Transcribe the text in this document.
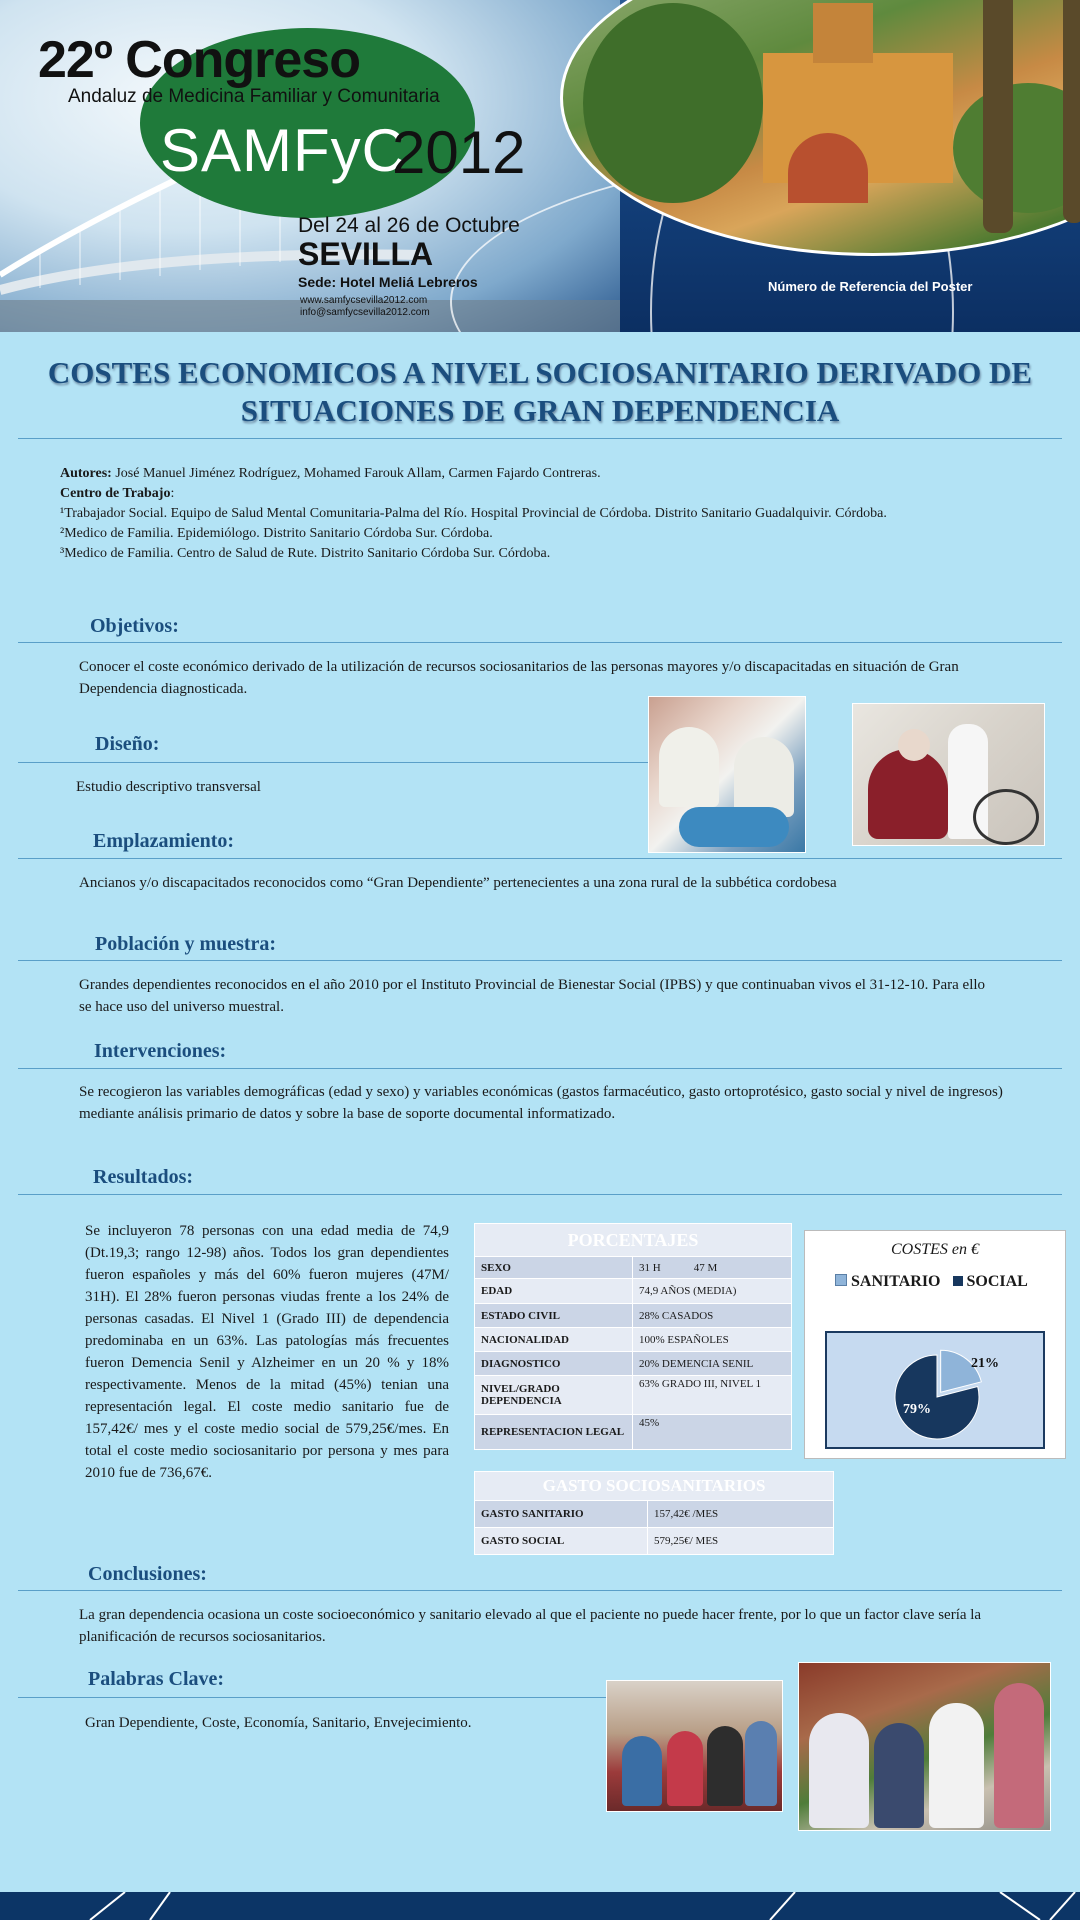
22º Congreso
Andaluz de Medicina Familiar y Comunitaria
SAMFyC
2012
Del 24 al 26 de Octubre
SEVILLA
Sede: Hotel Meliá Lebreros
www.samfycsevilla2012.com
info@samfycsevilla2012.com
Número de Referencia del Poster
COSTES ECONOMICOS A NIVEL SOCIOSANITARIO DERIVADO DE SITUACIONES DE GRAN DEPENDENCIA
Autores: José Manuel Jiménez Rodríguez, Mohamed Farouk Allam, Carmen Fajardo Contreras.
Centro de Trabajo:
¹Trabajador Social. Equipo de Salud Mental Comunitaria-Palma del Río. Hospital Provincial de Córdoba. Distrito Sanitario Guadalquivir. Córdoba.
²Medico de Familia. Epidemiólogo. Distrito Sanitario Córdoba Sur. Córdoba.
³Medico de Familia. Centro de Salud de Rute. Distrito Sanitario Córdoba Sur. Córdoba.
Objetivos:
Conocer el coste económico derivado de la utilización de recursos sociosanitarios de las personas mayores y/o discapacitadas en situación de Gran Dependencia diagnosticada.
Diseño:
Estudio descriptivo transversal
Emplazamiento:
Ancianos y/o discapacitados reconocidos como “Gran Dependiente” pertenecientes a una zona rural de la subbética cordobesa
Población y muestra:
Grandes dependientes reconocidos en el año 2010 por el Instituto Provincial de Bienestar Social (IPBS) y que continuaban vivos el 31-12-10. Para ello se hace uso del universo muestral.
Intervenciones:
Se recogieron las variables demográficas (edad y sexo) y variables económicas (gastos farmacéutico, gasto ortoprotésico, gasto social y nivel de ingresos) mediante análisis primario de datos y sobre la base de soporte documental informatizado.
Resultados:
Se incluyeron 78 personas con una edad media de 74,9 (Dt.19,3; rango 12-98) años. Todos los gran dependientes fueron españoles y más del 60% fueron mujeres (47M/ 31H). El 28% fueron personas viudas frente a los 24% de personas casadas. El Nivel 1 (Grado III) de dependencia predominaba en un 63%. Las patologías más frecuentes fueron Demencia Senil y Alzheimer en un 20 % y 18% respectivamente. Menos de la mitad (45%) tenian una representación legal. El coste medio sanitario fue de 157,42€/ mes y el coste medio social de 579,25€/mes. En total el coste medio sociosanitario por persona y mes para 2010 fue de 736,67€.
PORCENTAJES	
SEXO	31 H            47 M
EDAD	74,9 AÑOS (MEDIA)
ESTADO CIVIL	28% CASADOS
NACIONALIDAD	100% ESPAÑOLES
DIAGNOSTICO	20% DEMENCIA SENIL
NIVEL/GRADO DEPENDENCIA	63% GRADO III, NIVEL 1
REPRESENTACION LEGAL	45%
COSTES en €
SANITARIO SOCIAL
21%
79%
GASTO SOCIOSANITARIOS	
GASTO SANITARIO	157,42€ /MES
GASTO SOCIAL	579,25€/ MES
Conclusiones:
La gran dependencia ocasiona un coste socioeconómico y sanitario elevado al que el paciente no puede hacer frente, por lo que un factor clave sería la planificación de recursos sociosanitarios.
Palabras Clave:
Gran Dependiente, Coste, Economía, Sanitario, Envejecimiento.
